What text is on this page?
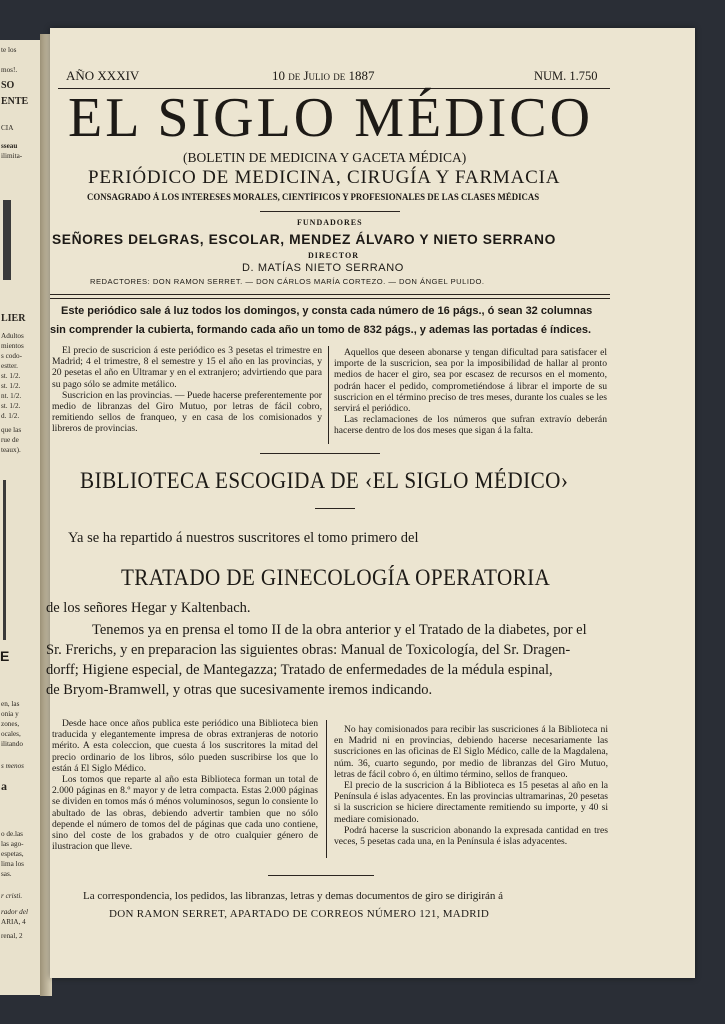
te los
mos!.
SO
ENTE
CIA
sseau
ilimita-
LIER
Adultos
mientos
s codo-
estter.
st. 1/2.
st. 1/2.
nt. 1/2.
st. 1/2.
d. 1/2.
que las
rue de
teaux).
E
en, las
onia y
zones,
ocales,
ilitando
s menos
a
o de.las
las ago-
espetas,
lima los
sas.
r cristi.
rador del
ARIA, 4
renal, 2
AÑO XXXIV	10 de Julio de 1887	NUM. 1.750
EL SIGLO MÉDICO
(BOLETIN DE MEDICINA Y GACETA MÉDICA)
PERIÓDICO DE MEDICINA, CIRUGÍA Y FARMACIA
CONSAGRADO Á LOS INTERESES MORALES, CIENTÍFICOS Y PROFESIONALES DE LAS CLASES MÉDICAS
FUNDADORES
SEÑORES DELGRAS, ESCOLAR, MENDEZ ÁLVARO Y NIETO SERRANO
DIRECTOR
D. MATÍAS NIETO SERRANO
REDACTORES: DON RAMON SERRET. — DON CÁRLOS MARÍA CORTEZO. — DON ÁNGEL PULIDO.
Este periódico sale á luz todos los domingos, y consta cada número de 16 págs., ó sean 32 columnas
sin comprender la cubierta, formando cada año un tomo de 832 págs., y ademas las portadas é índices.

El precio de suscricion á este periódico es 3 pesetas el trimestre en Madrid; 4 el trimestre, 8 el semestre y 15 el año en las provincias, y 20 pesetas el año en Ultramar y en el extranjero; advirtiendo que para su pago sólo se admite metálico.

Suscricion en las provincias. — Puede hacerse preferentemente por medio de libranzas del Giro Mutuo, por letras de fácil cobro, remitiendo sellos de franqueo, y en casa de los comisionados y libreros de provincias.

Aquellos que deseen abonarse y tengan dificultad para satisfacer el importe de la suscricion, sea por la imposibilidad de hallar al pronto medios de hacer el giro, sea por escasez de recursos en el momento, podrán hacer el pedido, comprometiéndose á librar el importe de su suscricion en el término preciso de tres meses, durante los cuales se les servirá el periódico.

Las reclamaciones de los números que sufran extravío deberán hacerse dentro de los dos meses que sigan á la falta.

BIBLIOTECA ESCOGIDA DE ‹EL SIGLO MÉDICO›
Ya se ha repartido á nuestros suscritores el tomo primero del
TRATADO DE GINECOLOGÍA OPERATORIA
de los señores Hegar y Kaltenbach.
Tenemos ya en prensa el tomo II de la obra anterior y el Tratado de la diabetes, por el
Sr. Frerichs, y en preparacion las siguientes obras: Manual de Toxicología, del Sr. Dragen-
dorff; Higiene especial, de Mantegazza; Tratado de enfermedades de la médula espinal,
de Bryom-Bramwell, y otras que sucesivamente iremos indicando.

Desde hace once años publica este periódico una Biblioteca bien traducida y elegantemente impresa de obras extranjeras de notorio mérito. A esta coleccion, que cuesta á los suscritores la mitad del precio ordinario de los libros, sólo pueden suscribirse los que lo están á El Siglo Médico.

Los tomos que reparte al año esta Biblioteca forman un total de 2.000 páginas en 8.º mayor y de letra compacta. Estas 2.000 páginas se dividen en tomos más ó ménos voluminosos, segun lo consiente lo abultado de las obras, debiendo advertir tambien que no sólo depende el número de tomos del de páginas que cada uno contiene, sino del coste de los grabados y de otro cualquier género de ilustracion que lleve.

No hay comisionados para recibir las suscriciones á la Biblioteca ni en Madrid ni en provincias, debiendo hacerse necesariamente las suscriciones en las oficinas de El Siglo Médico, calle de la Magdalena, núm. 36, cuarto segundo, por medio de libranzas del Giro Mutuo, letras de fácil cobro ó, en último término, sellos de franqueo.

El precio de la suscricion á la Biblioteca es 15 pesetas al año en la Península é islas adyacentes. En las provincias ultramarinas, 20 pesetas si la suscricion se hiciere directamente remitiendo su importe, y 40 si mediare comisionado.

Podrá hacerse la suscricion abonando la expresada cantidad en tres veces, 5 pesetas cada una, en la Península é islas adyacentes.

La correspondencia, los pedidos, las libranzas, letras y demas documentos de giro se dirigirán á
DON RAMON SERRET, APARTADO DE CORREOS NÚMERO 121, MADRID
